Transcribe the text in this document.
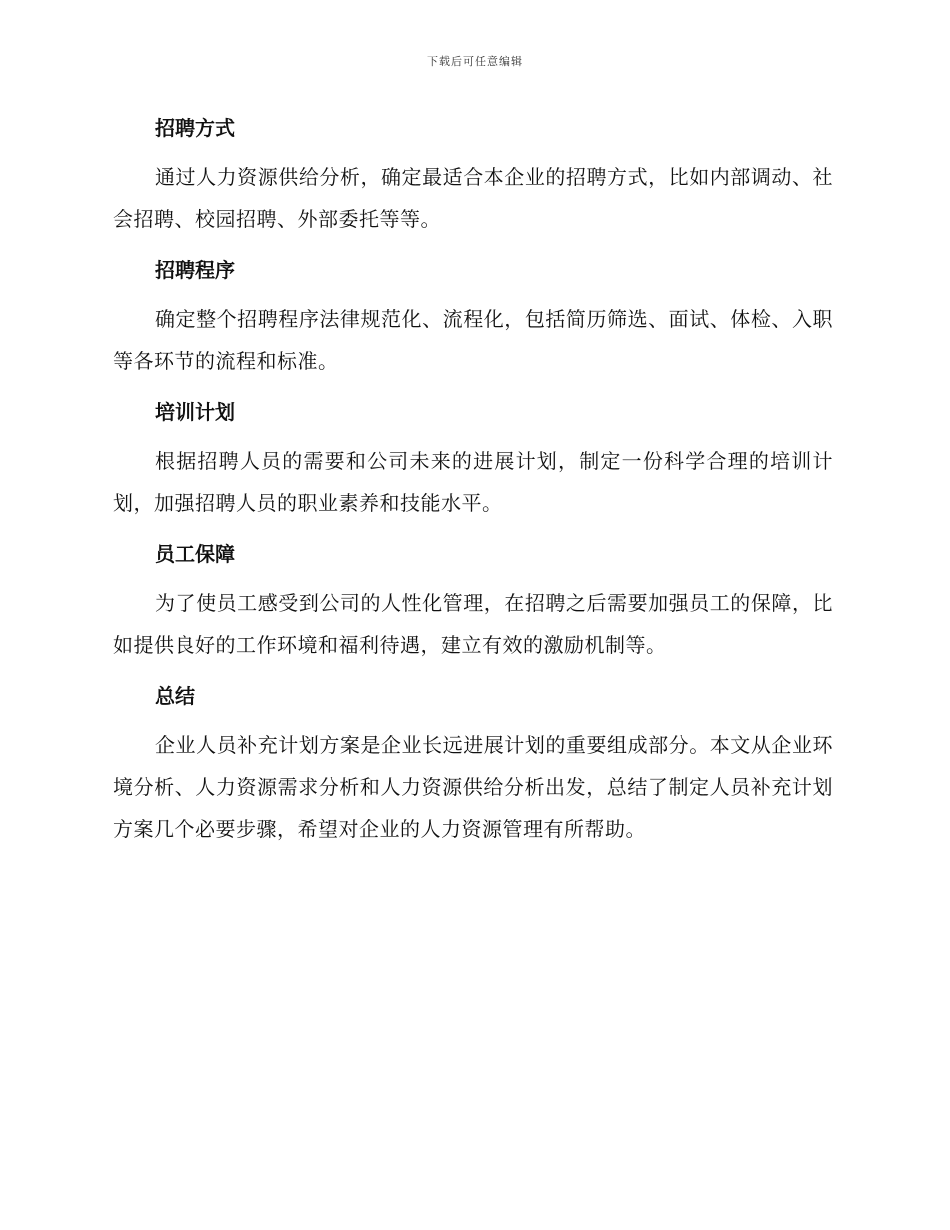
下载后可任意编辑
招聘方式

通过人力资源供给分析，确定最适合本企业的招聘方式，比如内部调动、社会招聘、校园招聘、外部委托等等。

招聘程序

确定整个招聘程序法律规范化、流程化，包括简历筛选、面试、体检、入职等各环节的流程和标准。

培训计划

根据招聘人员的需要和公司未来的进展计划，制定一份科学合理的培训计划，加强招聘人员的职业素养和技能水平。

员工保障

为了使员工感受到公司的人性化管理，在招聘之后需要加强员工的保障，比如提供良好的工作环境和福利待遇，建立有效的激励机制等。

总结

企业人员补充计划方案是企业长远进展计划的重要组成部分。本文从企业环境分析、人力资源需求分析和人力资源供给分析出发，总结了制定人员补充计划方案几个必要步骤，希望对企业的人力资源管理有所帮助。
